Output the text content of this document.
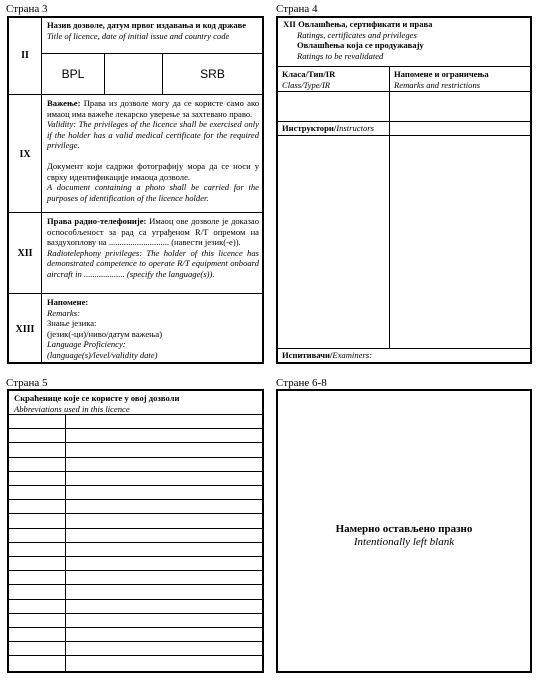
Страна 3
II
Назив дозволе, датум првог издавања и код државе
Title of licence, date of initial issue and country code
BPL	SRB
IX
Важење: Права из дозволе могу да се користе само ако имаоц има важеће лекарско уверење за захтевано право.
Validity: The privileges of the licence shall be exercised only if the holder has a valid medical certificate for the required privilege.
Документ који садржи фотографију мора да се носи у сврху идентификације имаоца дозволе.
A document containing a photo shall be carried for the purposes of identification of the licence holder.
XII
Права радио-телефоније: Имаоц ове дозволе је доказао оспособљеност за рад са уграђеном R/T опремом на ваздухоплову на ............................ (навести језик(-е)).
Radiotelephony privileges: The holder of this licence has demonstrated competence to operate R/T equipment onboard aircraft in ................... (specify the language(s)).
XIII
Напомене:
Remarks:
Знање језика:
(језик(-ци)/ниво/датум важења)
Language Proficiency:
(language(s)/level/validity date)
Страна 4
XII Овлашћења, сертификати и права
Ratings, certificates and privileges
Овлашћења која се продужавају
Ratings to be revalidated
Класа/Тип/IR
Class/Type/IR
Напомене и ограничења
Remarks and restrictions
Инструктори/Instructors
Испитивачи/Examiners:
Страна 5
Скраћенице које се користе у овој дозволи
Abbreviations used in this licence
Стране 6-8
Намерно остављено празно
Intentionally left blank
